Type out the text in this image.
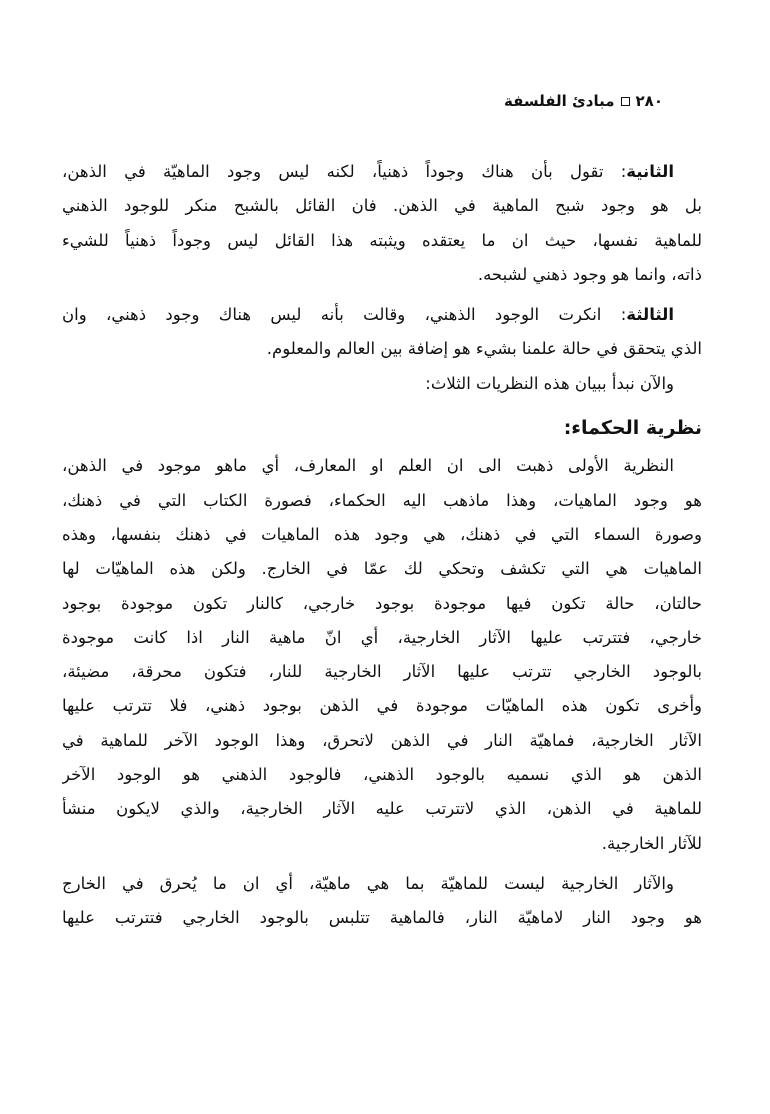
٢٨٠
مبادئ الفلسفة
الثانية: تقول بأن هناك وجوداً ذهنياً، لكنه ليس وجود الماهيّة في الذهن،
بل هو وجود شبح الماهية في الذهن. فان القائل بالشبح منكر للوجود الذهني
للماهية نفسها، حيث ان ما يعتقده ويثبته هذا القائل ليس وجوداً ذهنياً للشيء
ذاته، وانما هو وجود ذهني لشبحه.
الثالثة: انكرت الوجود الذهني، وقالت بأنه ليس هناك وجود ذهني، وان
الذي يتحقق في حالة علمنا بشيء هو إضافة بين العالم والمعلوم.
والآن نبدأ ببيان هذه النظريات الثلاث:
نظرية الحكماء:
النظرية الأولى ذهبت الى ان العلم او المعارف، أي ماهو موجود في الذهن،
هو وجود الماهيات، وهذا ماذهب اليه الحكماء، فصورة الكتاب التي في ذهنك،
وصورة السماء التي في ذهنك، هي وجود هذه الماهيات في ذهنك بنفسها، وهذه
الماهيات هي التي تكشف وتحكي لك عمّا في الخارج. ولكن هذه الماهيّات لها
حالتان، حالة تكون فيها موجودة بوجود خارجي، كالنار تكون موجودة بوجود
خارجي، فتترتب عليها الآثار الخارجية، أي انّ ماهية النار اذا كانت موجودة
بالوجود الخارجي تترتب عليها الآثار الخارجية للنار، فتكون محرقة، مضيئة،
وأخرى تكون هذه الماهيّات موجودة في الذهن بوجود ذهني، فلا تترتب عليها
الآثار الخارجية، فماهيّة النار في الذهن لاتحرق، وهذا الوجود الآخر للماهية في
الذهن هو الذي نسميه بالوجود الذهني، فالوجود الذهني هو الوجود الآخر
للماهية في الذهن، الذي لاتترتب عليه الآثار الخارجية، والذي لايكون منشأ
للآثار الخارجية.
والآثار الخارجية ليست للماهيّة بما هي ماهيّة، أي ان ما يُحرق في الخارج
هو وجود النار لاماهيّة النار، فالماهية تتلبس بالوجود الخارجي فتترتب عليها
